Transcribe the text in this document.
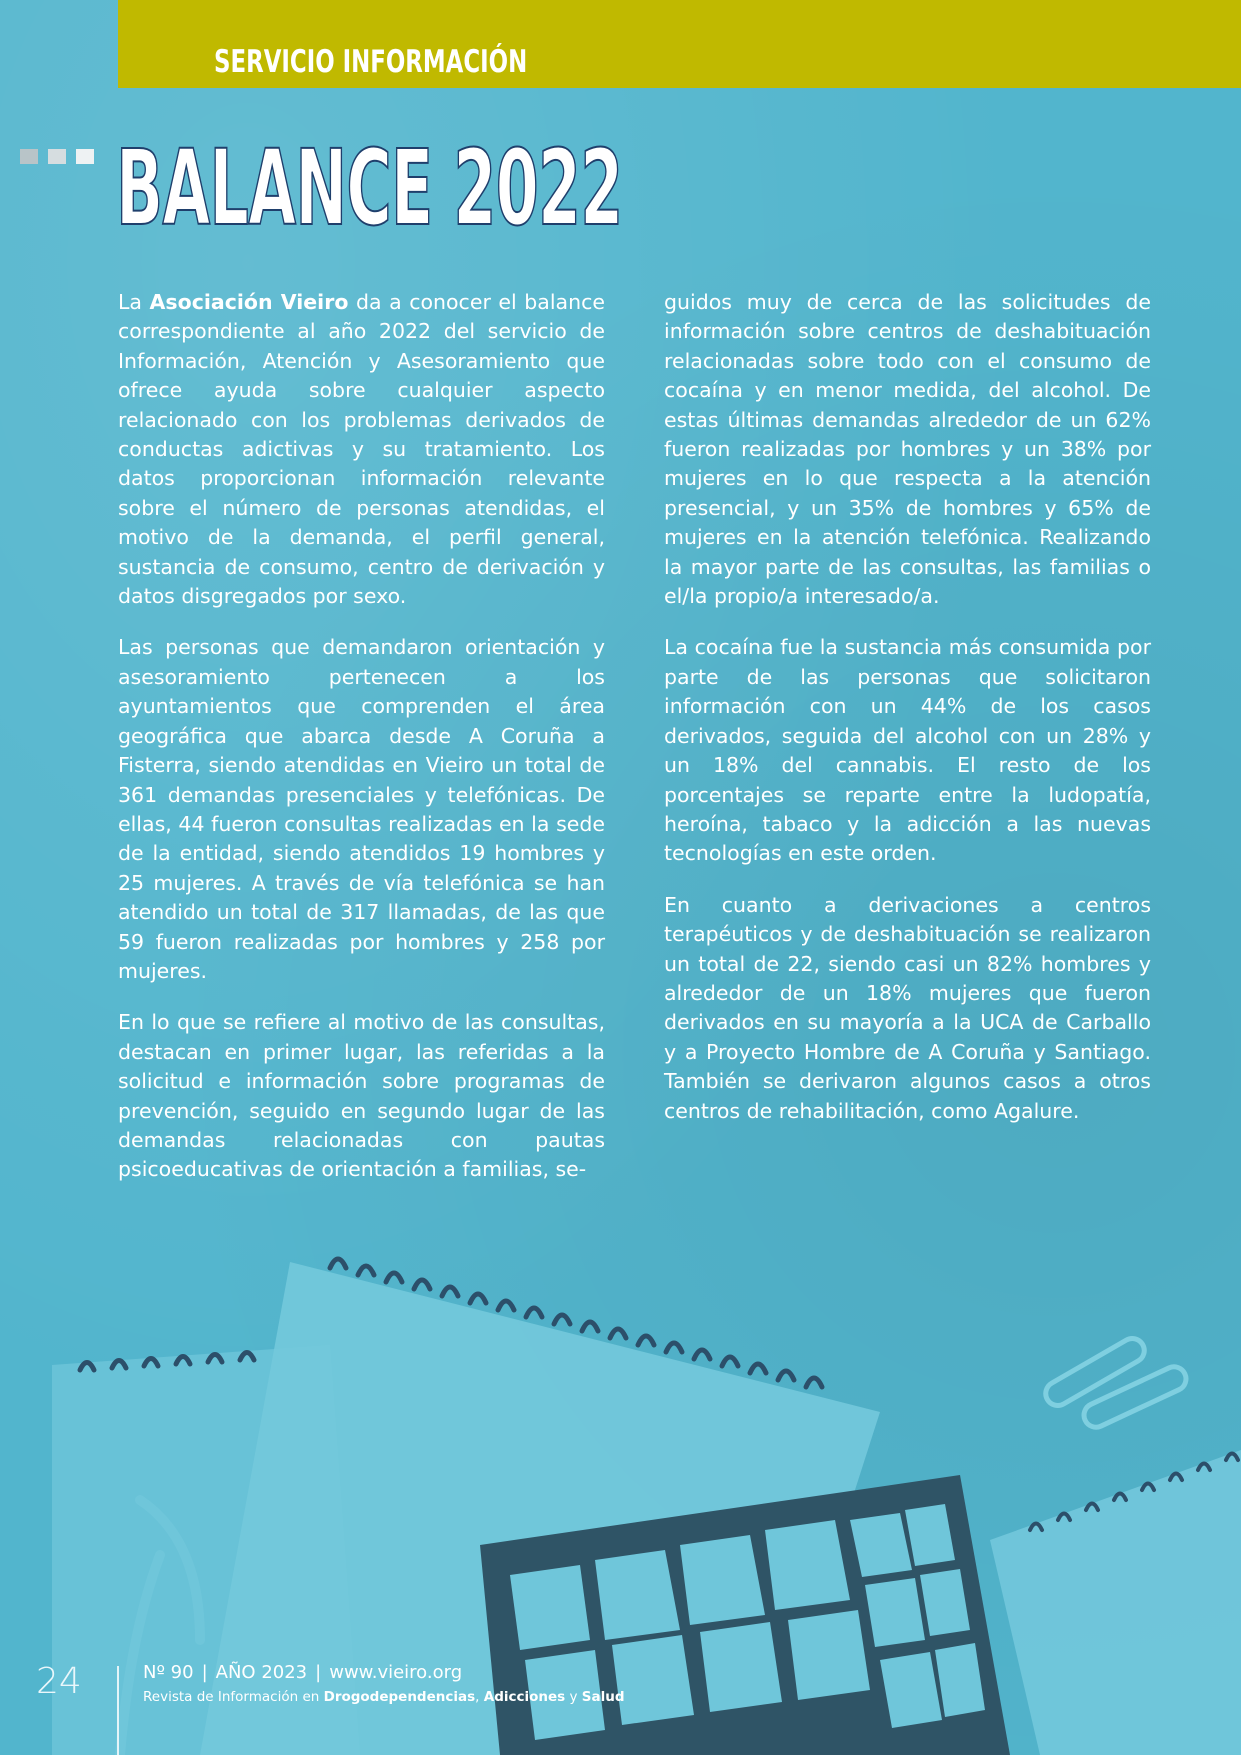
SERVICIO INFORMACIÓN
BALANCE 2022

La Asociación Vieiro da a conocer el balance correspondiente al año 2022 del servicio de Información, Atención y Asesoramiento que ofrece ayuda sobre cualquier aspecto relacionado con los problemas derivados de conductas adictivas y su tratamiento. Los datos proporcionan información relevante sobre el número de personas atendidas, el motivo de la demanda, el perfil general, sustancia de consumo, centro de derivación y datos disgregados por sexo.

Las personas que demandaron orientación y asesoramiento pertenecen a los ayuntamientos que comprenden el área geográfica que abarca desde A Coruña a Fisterra, siendo atendidas en Vieiro un total de 361 demandas presenciales y telefónicas. De ellas, 44 fueron consultas realizadas en la sede de la entidad, siendo atendidos 19 hombres y 25 mujeres. A través de vía telefónica se han atendido un total de 317 llamadas, de las que 59 fueron realizadas por hombres y 258 por mujeres.

En lo que se refiere al motivo de las consultas, destacan en primer lugar, las referidas a la solicitud e información sobre programas de prevención, seguido en segundo lugar de las demandas relacionadas con pautas psicoeducativas de orientación a familias, se-

guidos muy de cerca de las solicitudes de información sobre centros de deshabituación relacionadas sobre todo con el consumo de cocaína y en menor medida, del alcohol. De estas últimas demandas alrededor de un 62% fueron realizadas por hombres y un 38% por mujeres en lo que respecta a la atención presencial, y un 35% de hombres y 65% de mujeres en la atención telefónica. Realizando la mayor parte de las consultas, las familias o el/la propio/a interesado/a.

La cocaína fue la sustancia más consumida por parte de las personas que solicitaron información con un 44% de los casos derivados, seguida del alcohol con un 28% y un 18% del cannabis. El resto de los porcentajes se reparte entre la ludopatía, heroína, tabaco y la adicción a las nuevas tecnologías en este orden.

En cuanto a derivaciones a centros terapéuticos y de deshabituación se realizaron un total de 22, siendo casi un 82% hombres y alrededor de un 18% mujeres que fueron derivados en su mayoría a la UCA de Carballo y a Proyecto Hombre de A Coruña y Santiago. También se derivaron algunos casos a otros centros de rehabilitación, como Agalure.

24	Nº 90 | AÑO 2023 | www.vieiro.org
Revista de Información en Drogodependencias, Adicciones y Salud
